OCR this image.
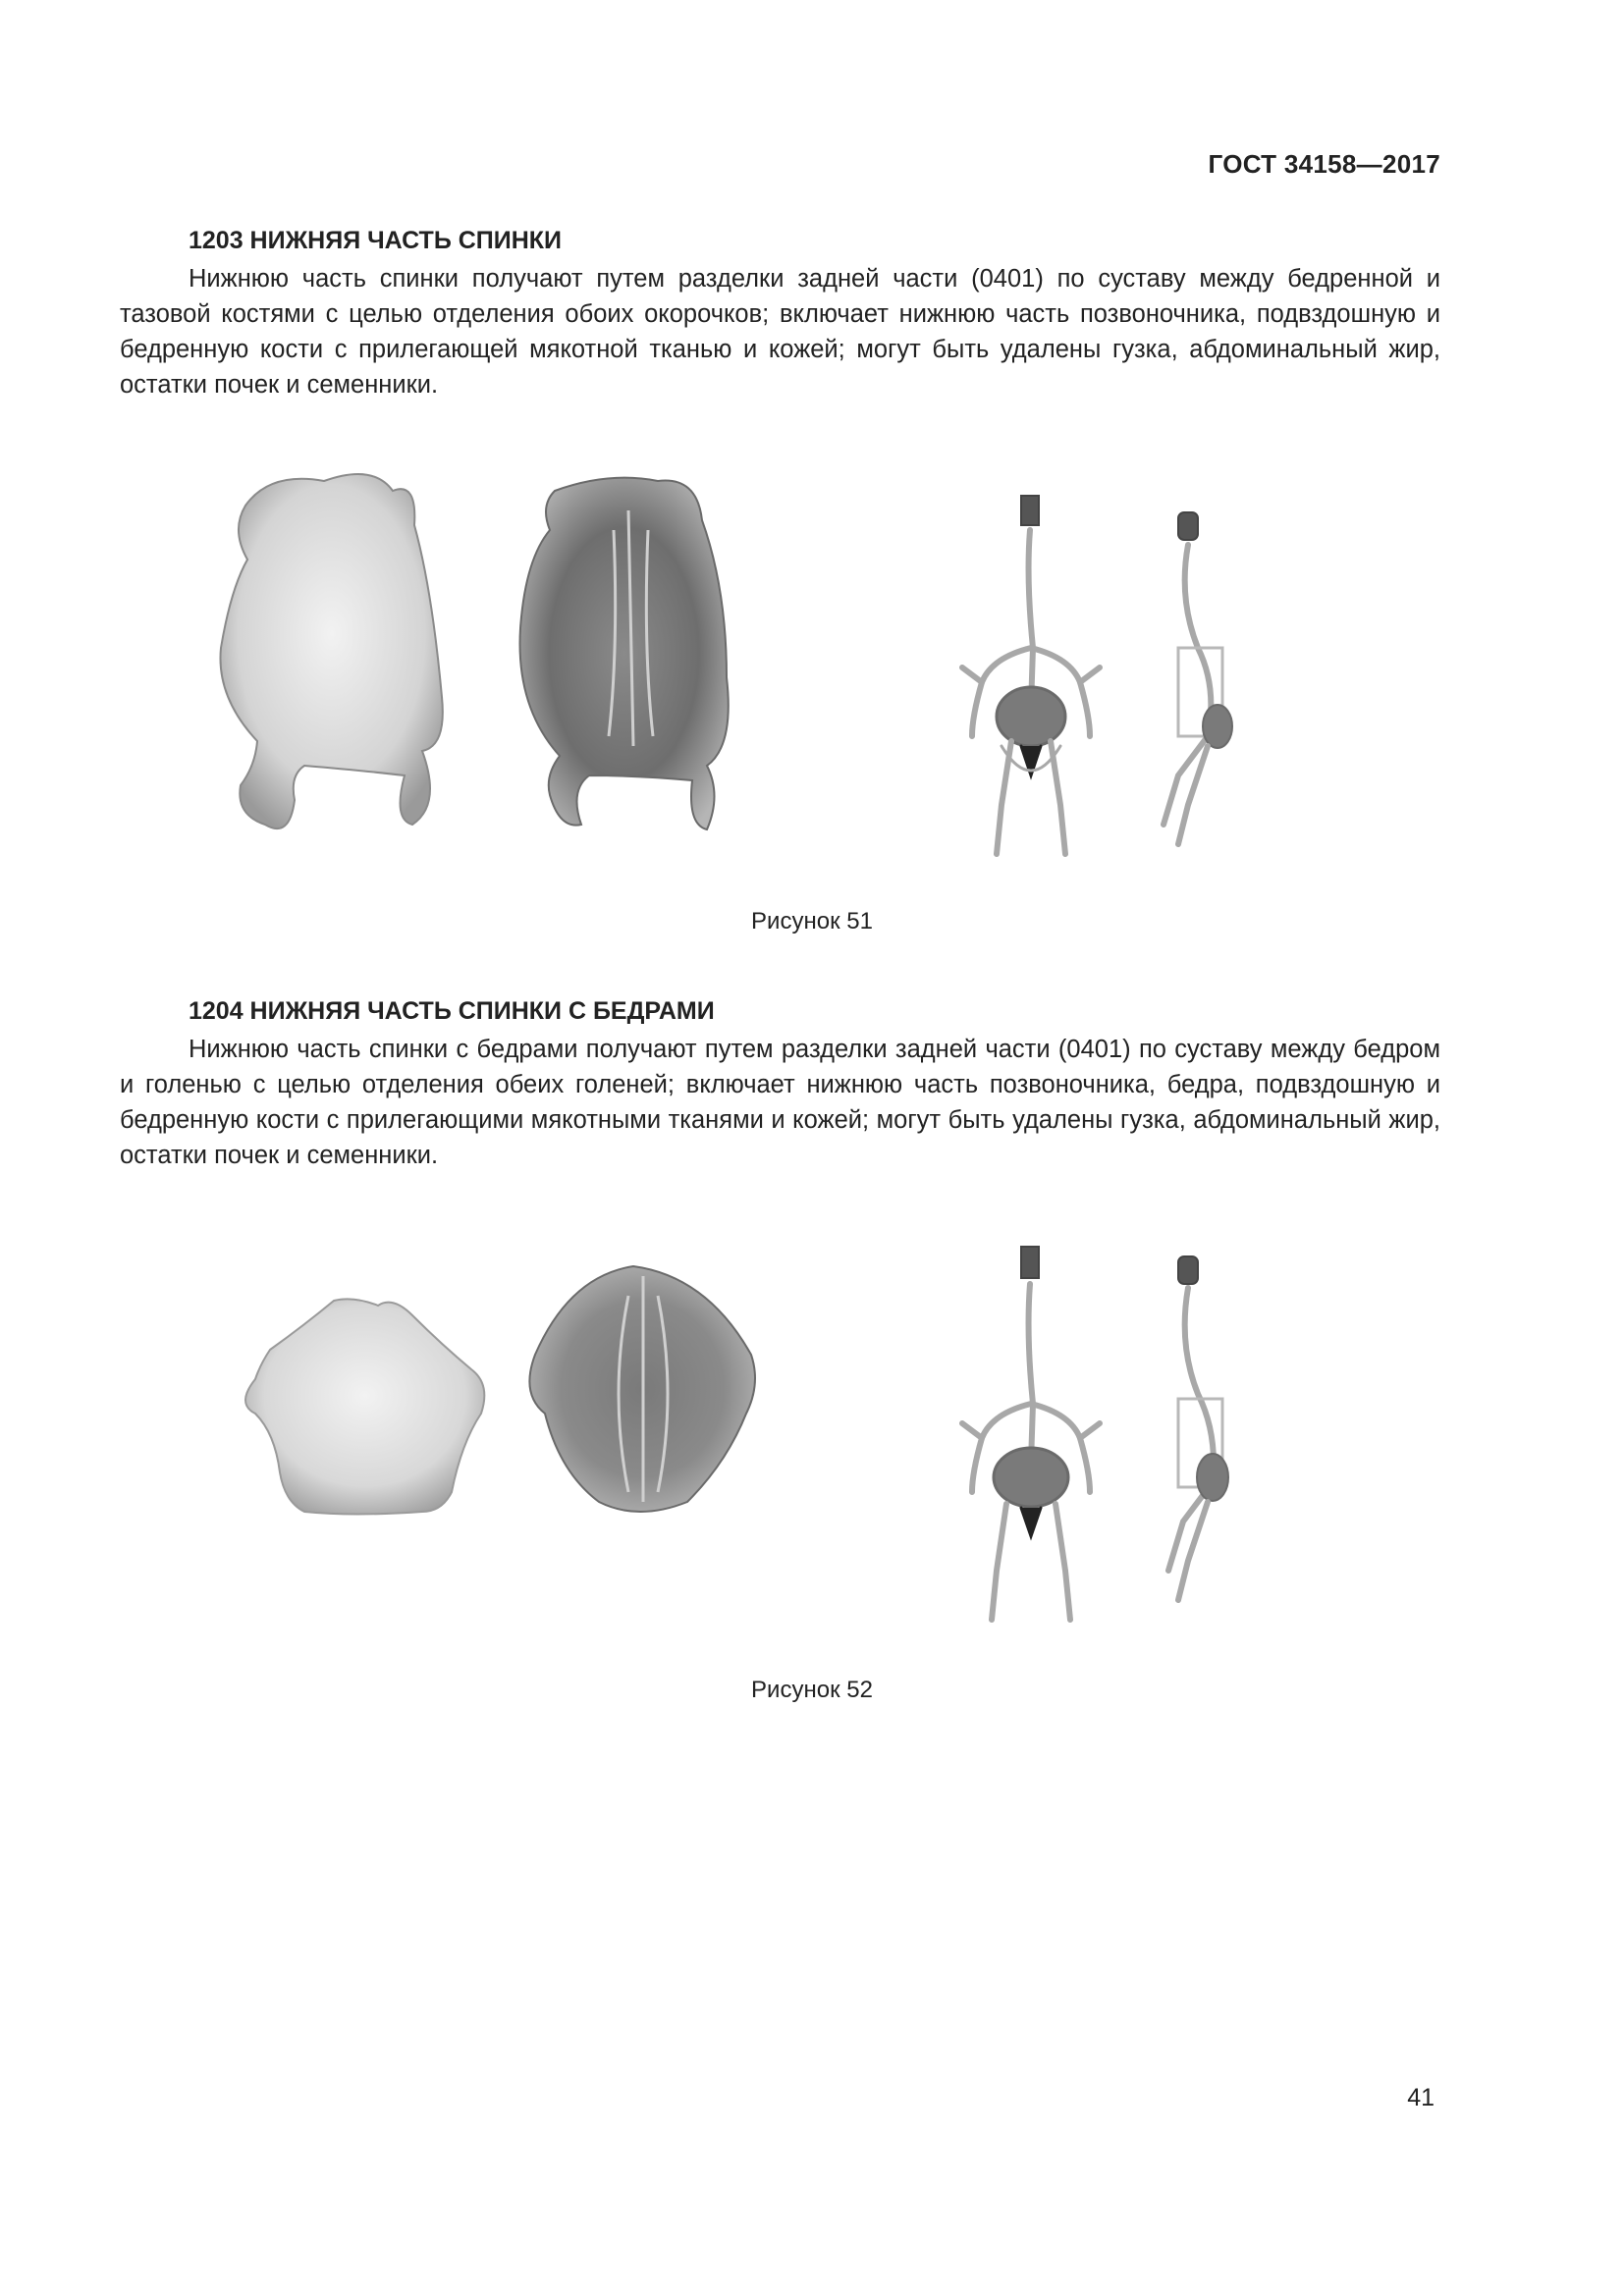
ГОСТ 34158—2017
1203 НИЖНЯЯ ЧАСТЬ СПИНКИ

Нижнюю часть спинки получают путем разделки задней части (0401) по суставу между бедренной и тазовой костями с целью отделения обоих окорочков; включает нижнюю часть позвоночника, подвздошную и бедренную кости с прилегающей мякотной тканью и кожей; могут быть удалены гузка, абдоминальный жир, остатки почек и семенники.

Рисунок 51
1204 НИЖНЯЯ ЧАСТЬ СПИНКИ С БЕДРАМИ

Нижнюю часть спинки с бедрами получают путем разделки задней части (0401) по суставу между бедром и голенью с целью отделения обеих голеней; включает нижнюю часть позвоночника, бедра, подвздошную и бедренную кости с прилегающими мякотными тканями и кожей; могут быть удалены гузка, абдоминальный жир, остатки почек и семенники.

Рисунок 52
41
